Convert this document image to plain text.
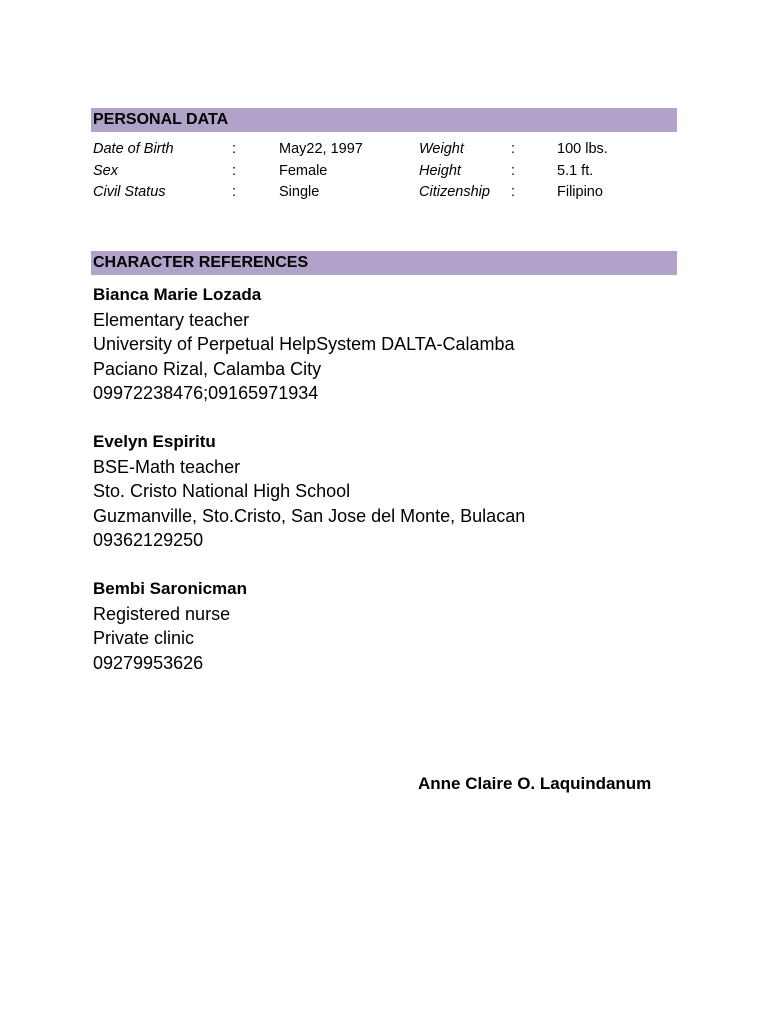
PERSONAL DATA
Date of Birth	:	May22, 1997	Weight	:	100 lbs.
Sex	:	Female	Height	:	5.1 ft.
Civil Status	:	Single	Citizenship :	Filipino
CHARACTER REFERENCES
Bianca Marie Lozada
Elementary teacher
University of Perpetual HelpSystem DALTA-Calamba
Paciano Rizal, Calamba City
09972238476;09165971934
Evelyn Espiritu
BSE-Math teacher
Sto. Cristo National High School
Guzmanville, Sto.Cristo, San Jose del Monte, Bulacan
09362129250
Bembi Saronicman
Registered nurse
Private clinic
09279953626
Anne Claire O. Laquindanum
